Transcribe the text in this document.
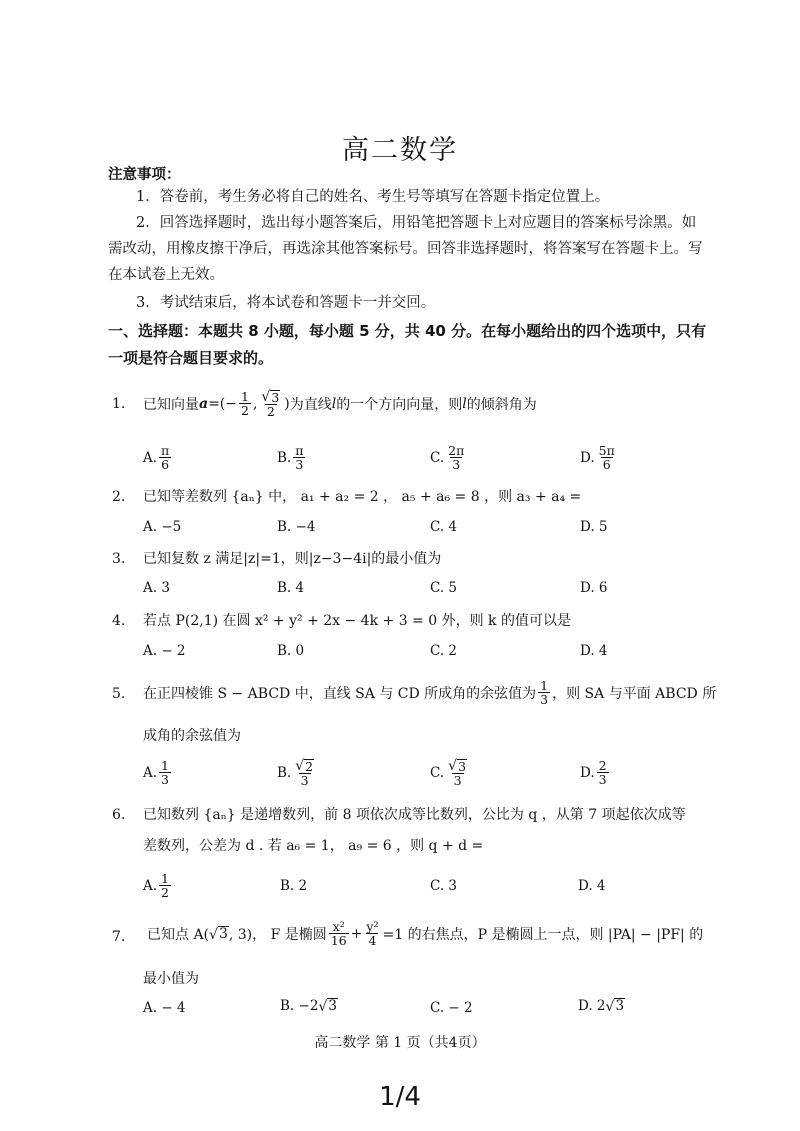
高二数学
注意事项：
1．答卷前，考生务必将自己的姓名、考生号等填写在答题卡指定位置上。
2．回答选择题时，选出每小题答案后，用铅笔把答题卡上对应题目的答案标号涂黑。如
需改动，用橡皮擦干净后，再选涂其他答案标号。回答非选择题时，将答案写在答题卡上。写
在本试卷上无效。
3．考试结束后，将本试卷和答题卡一并交回。
一、选择题：本题共 8 小题，每小题 5 分，共 40 分。在每小题给出的四个选项中，只有
一项是符合题目要求的。
1. 已知向量 a =(− $\frac{1}{2}$ , $\frac{√ 3}{2}$ ) 为直线 l 的一个方向向量，则 l 的倾斜角为
A. $\frac{\pi}{6}$	B. $\frac{\pi}{3}$	C. $\frac{2\pi}{3}$	D. $\frac{5\pi}{6}$
2. 已知等差数列 {aₙ} 中， a₁ + a₂ = 2 ， a₅ + a₆ = 8 ，则 a₃ + a₄ =
A. −5	B. −4	C. 4	D. 5
3. 已知复数 z 满足|z|=1，则|z−3−4i|的最小值为
A. 3	B. 4	C. 5	D. 6
4. 若点 P(2,1) 在圆 x² + y² + 2x − 4k + 3 = 0 外，则 k 的值可以是
A. − 2	B. 0	C. 2	D. 4
5. 在正四棱锥 S − ABCD 中，直线 SA 与 CD 所成角的余弦值为 $\frac{1}{3}$ ，则 SA 与平面 ABCD 所
成角的余弦值为
A. $\frac{1}{3}$	B. $\frac{√ 2}{3}$	C. $\frac{√ 3}{3}$	D. $\frac{2}{3}$
6. 已知数列 {aₙ} 是递增数列，前 8 项依次成等比数列，公比为 q ，从第 7 项起依次成等
差数列，公差为 d . 若 a₆ = 1， a₉ = 6 ，则 q + d =
A. $\frac{1}{2}$	B. 2	C. 3	D. 4
7. 已知点 A( √ 3 , 3)， F 是椭圆 $\frac{\text{x²}}{16} + \frac{\text{y²}}{4} =1$ 的右焦点，P 是椭圆上一点，则 |PA| − |PF| 的
最小值为
A. − 4	B. −2 √ 3	C. − 2	D. 2 √ 3
高二数学 第 1 页（共4页）
1/4
